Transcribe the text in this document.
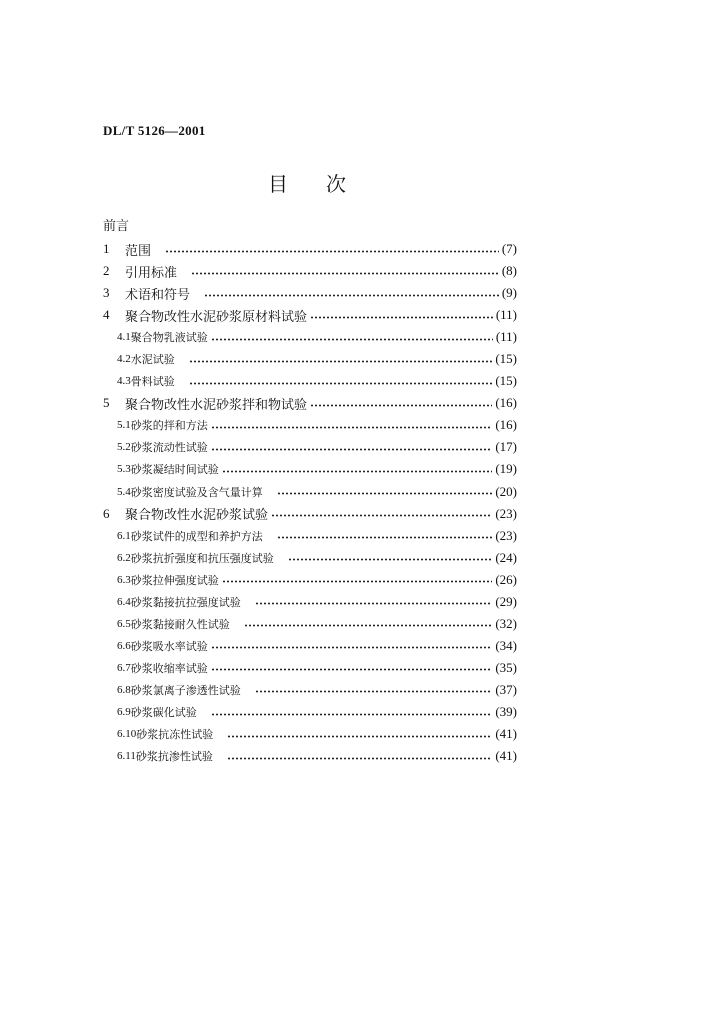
DL/T 5126—2001
目次
前言
1	范围	(7)
2	引用标准	(8)
3	术语和符号	(9)
4	聚合物改性水泥砂浆原材料试验	(11)
4.1 聚合物乳液试验	(11)
4.2 水泥试验	(15)
4.3 骨料试验	(15)
5	聚合物改性水泥砂浆拌和物试验	(16)
5.1 砂浆的拌和方法	(16)
5.2 砂浆流动性试验	(17)
5.3 砂浆凝结时间试验	(19)
5.4 砂浆密度试验及含气量计算	(20)
6	聚合物改性水泥砂浆试验	(23)
6.1 砂浆试件的成型和养护方法	(23)
6.2 砂浆抗折强度和抗压强度试验	(24)
6.3 砂浆拉伸强度试验	(26)
6.4 砂浆黏接抗拉强度试验	(29)
6.5 砂浆黏接耐久性试验	(32)
6.6 砂浆吸水率试验	(34)
6.7 砂浆收缩率试验	(35)
6.8 砂浆氯离子渗透性试验	(37)
6.9 砂浆碳化试验	(39)
6.10 砂浆抗冻性试验	(41)
6.11 砂浆抗渗性试验	(41)
